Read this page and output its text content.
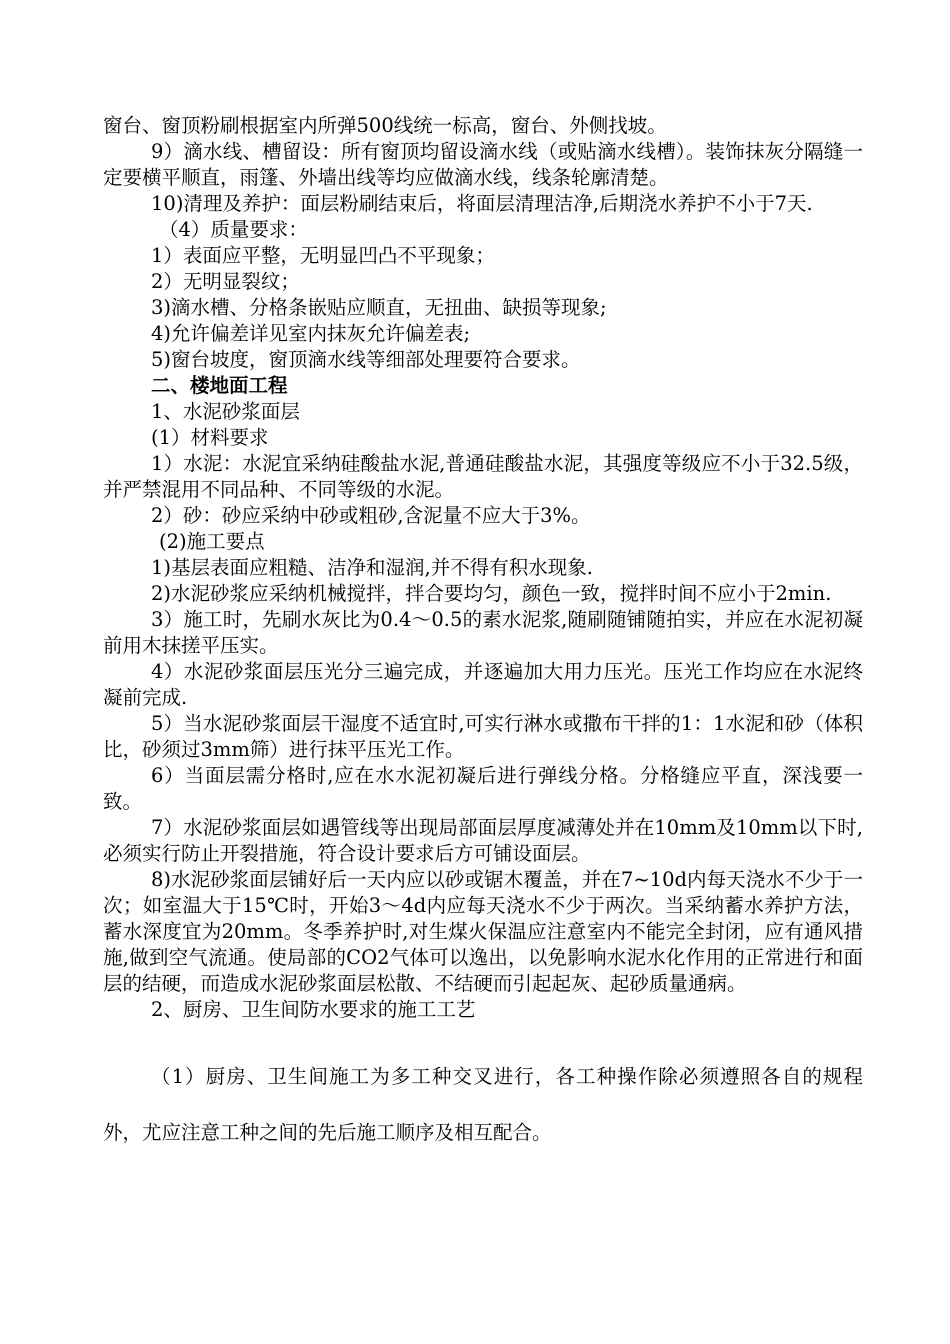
窗台、窗顶粉刷根据室内所弹500线统一标高，窗台、外侧找坡。

9）滴水线、槽留设：所有窗顶均留设滴水线（或贴滴水线槽）。装饰抹灰分隔缝一定要横平顺直，雨篷、外墙出线等均应做滴水线，线条轮廓清楚。

10)清理及养护：面层粉刷结束后，将面层清理洁净,后期浇水养护不小于7天.

（4）质量要求：

1）表面应平整，无明显凹凸不平现象；

2）无明显裂纹；

3)滴水槽、分格条嵌贴应顺直，无扭曲、缺损等现象;

4)允许偏差详见室内抹灰允许偏差表;

5)窗台坡度，窗顶滴水线等细部处理要符合要求。

二、楼地面工程

1、水泥砂浆面层

(1）材料要求

1）水泥：水泥宜采纳硅酸盐水泥,普通硅酸盐水泥，其强度等级应不小于32.5级，并严禁混用不同品种、不同等级的水泥。

2）砂：砂应采纳中砂或粗砂,含泥量不应大于3%。

(2)施工要点

1)基层表面应粗糙、洁净和湿润,并不得有积水现象.

2)水泥砂浆应采纳机械搅拌，拌合要均匀，颜色一致，搅拌时间不应小于2min.

3）施工时，先刷水灰比为0.4～0.5的素水泥浆,随刷随铺随拍实，并应在水泥初凝前用木抹搓平压实。

4）水泥砂浆面层压光分三遍完成，并逐遍加大用力压光。压光工作均应在水泥终凝前完成.

5）当水泥砂浆面层干湿度不适宜时,可实行淋水或撒布干拌的1：1水泥和砂（体积比，砂须过3mm筛）进行抹平压光工作。

6）当面层需分格时,应在水水泥初凝后进行弹线分格。分格缝应平直，深浅要一致。

7）水泥砂浆面层如遇管线等出现局部面层厚度减薄处并在10mm及10mm以下时,必须实行防止开裂措施，符合设计要求后方可铺设面层。

8)水泥砂浆面层铺好后一天内应以砂或锯木覆盖，并在7~10d内每天浇水不少于一次；如室温大于15℃时，开始3～4d内应每天浇水不少于两次。当采纳蓄水养护方法，蓄水深度宜为20mm。冬季养护时,对生煤火保温应注意室内不能完全封闭，应有通风措施,做到空气流通。使局部的CO2气体可以逸出，以免影响水泥水化作用的正常进行和面层的结硬，而造成水泥砂浆面层松散、不结硬而引起起灰、起砂质量通病。

2、厨房、卫生间防水要求的施工工艺

（1）厨房、卫生间施工为多工种交叉进行，各工种操作除必须遵照各自的规程外，尤应注意工种之间的先后施工顺序及相互配合。
